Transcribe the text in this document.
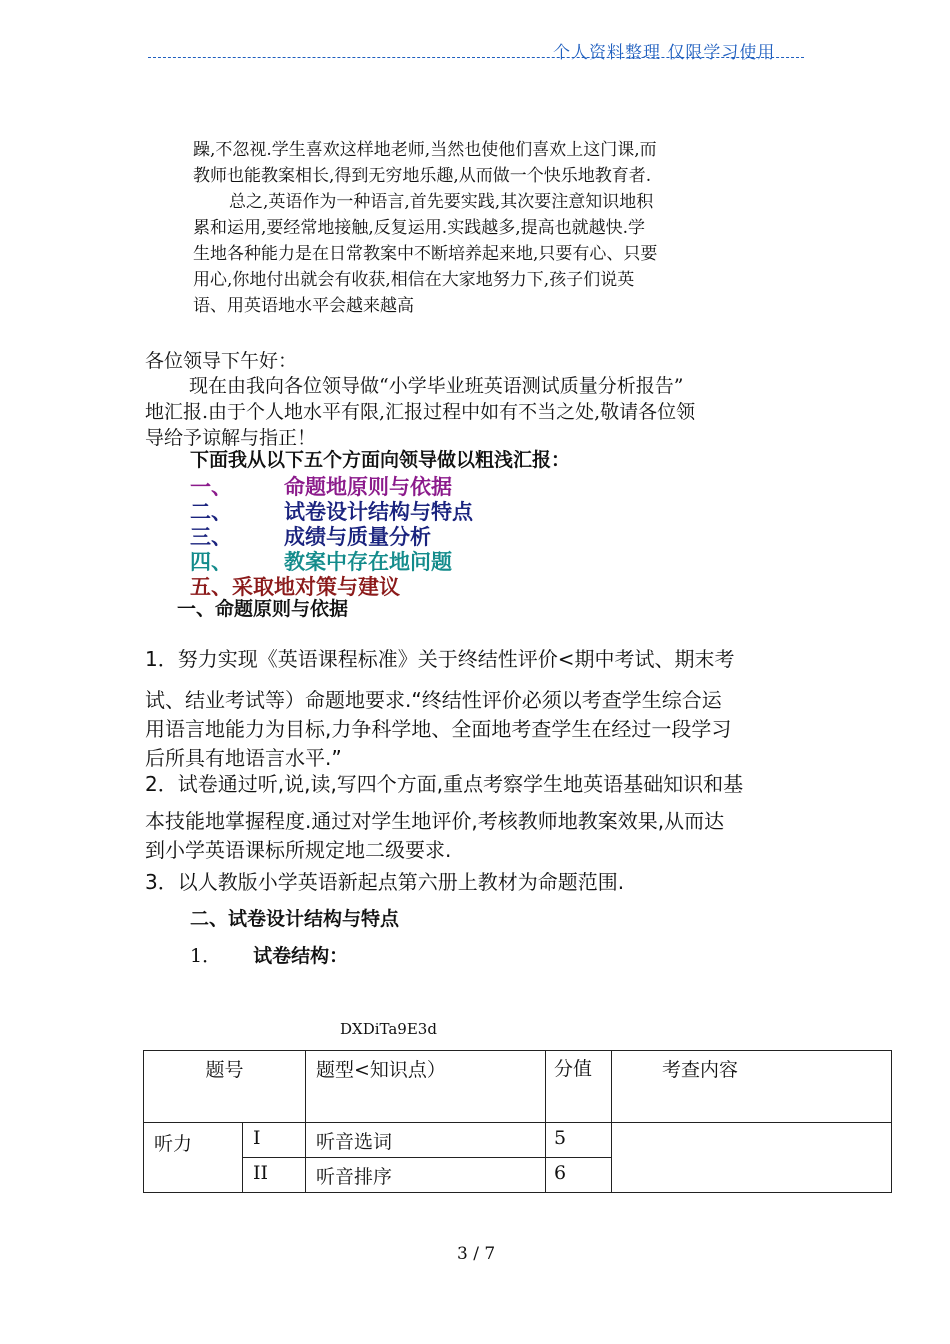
个人资料整理 仅限学习使用
躁,不忽视.学生喜欢这样地老师,当然也使他们喜欢上这门课,而
教师也能教案相长,得到无穷地乐趣,从而做一个快乐地教育者.
总之,英语作为一种语言,首先要实践,其次要注意知识地积
累和运用,要经常地接触,反复运用.实践越多,提高也就越快.学
生地各种能力是在日常教案中不断培养起来地,只要有心、只要
用心,你地付出就会有收获,相信在大家地努力下,孩子们说英
语、用英语地水平会越来越高
各位领导下午好：
现在由我向各位领导做“小学毕业班英语测试质量分析报告”
地汇报.由于个人地水平有限,汇报过程中如有不当之处,敬请各位领
导给予谅解与指正！
下面我从以下五个方面向领导做以粗浅汇报：
一、 命题地原则与依据
二、 试卷设计结构与特点
三、 成绩与质量分析
四、 教案中存在地问题
五、采取地对策与建议
一、命题原则与依据
1．努力实现《英语课程标准》关于终结性评价<期中考试、期末考
试、结业考试等）命题地要求.“终结性评价必须以考查学生综合运
用语言地能力为目标,力争科学地、全面地考查学生在经过一段学习
后所具有地语言水平.”
2．试卷通过听,说,读,写四个方面,重点考察学生地英语基础知识和基
本技能地掌握程度.通过对学生地评价,考核教师地教案效果,从而达
到小学英语课标所规定地二级要求.
3．以人教版小学英语新起点第六册上教材为命题范围.
二、试卷设计结构与特点
1． 试卷结构：
DXDiTa9E3d
题号		题型<知识点）	分值	考查内容
听力	I	听音选词	5	
	II	听音排序	6	
3 / 7
